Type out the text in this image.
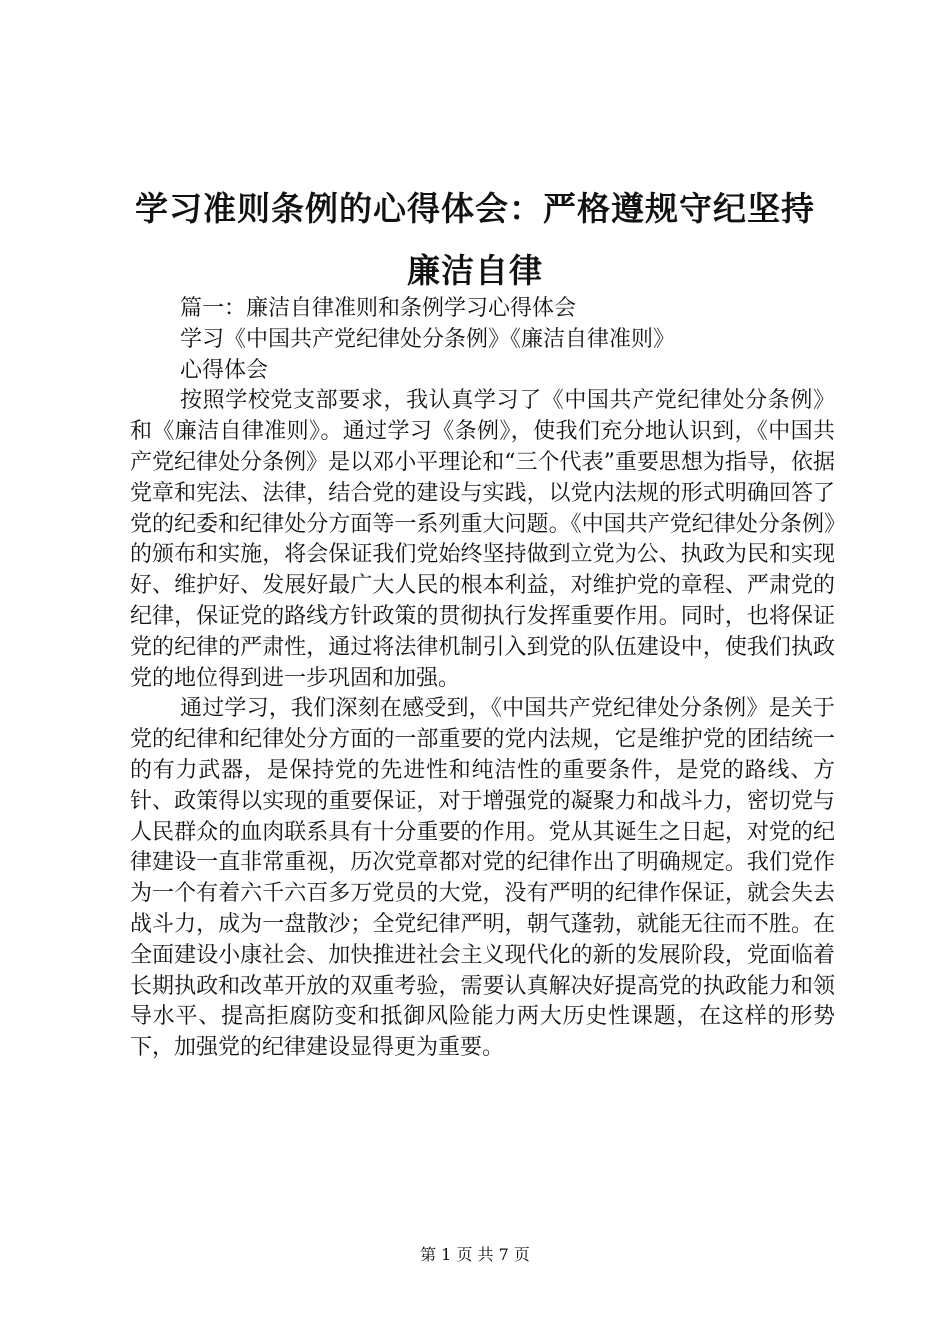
学习准则条例的心得体会：严格遵规守纪坚持
廉洁自律

篇一：廉洁自律准则和条例学习心得体会

学习《中国共产党纪律处分条例》《廉洁自律准则》

心得体会

按照学校党支部要求，我认真学习了《中国共产党纪律处分条例》和《廉洁自律准则》。通过学习《条例》，使我们充分地认识到，《中国共产党纪律处分条例》是以邓小平理论和“三个代表”重要思想为指导，依据党章和宪法、法律，结合党的建设与实践，以党内法规的形式明确回答了党的纪委和纪律处分方面等一系列重大问题。《中国共产党纪律处分条例》的颁布和实施，将会保证我们党始终坚持做到立党为公、执政为民和实现好、维护好、发展好最广大人民的根本利益，对维护党的章程、严肃党的纪律，保证党的路线方针政策的贯彻执行发挥重要作用。同时，也将保证党的纪律的严肃性，通过将法律机制引入到党的队伍建设中，使我们执政党的地位得到进一步巩固和加强。

通过学习，我们深刻在感受到，《中国共产党纪律处分条例》是关于党的纪律和纪律处分方面的一部重要的党内法规，它是维护党的团结统一的有力武器，是保持党的先进性和纯洁性的重要条件，是党的路线、方针、政策得以实现的重要保证，对于增强党的凝聚力和战斗力，密切党与人民群众的血肉联系具有十分重要的作用。党从其诞生之日起，对党的纪律建设一直非常重视，历次党章都对党的纪律作出了明确规定。我们党作为一个有着六千六百多万党员的大党，没有严明的纪律作保证，就会失去战斗力，成为一盘散沙；全党纪律严明，朝气蓬勃，就能无往而不胜。在全面建设小康社会、加快推进社会主义现代化的新的发展阶段，党面临着长期执政和改革开放的双重考验，需要认真解决好提高党的执政能力和领导水平、提高拒腐防变和抵御风险能力两大历史性课题，在这样的形势下，加强党的纪律建设显得更为重要。

第 1 页 共 7 页
